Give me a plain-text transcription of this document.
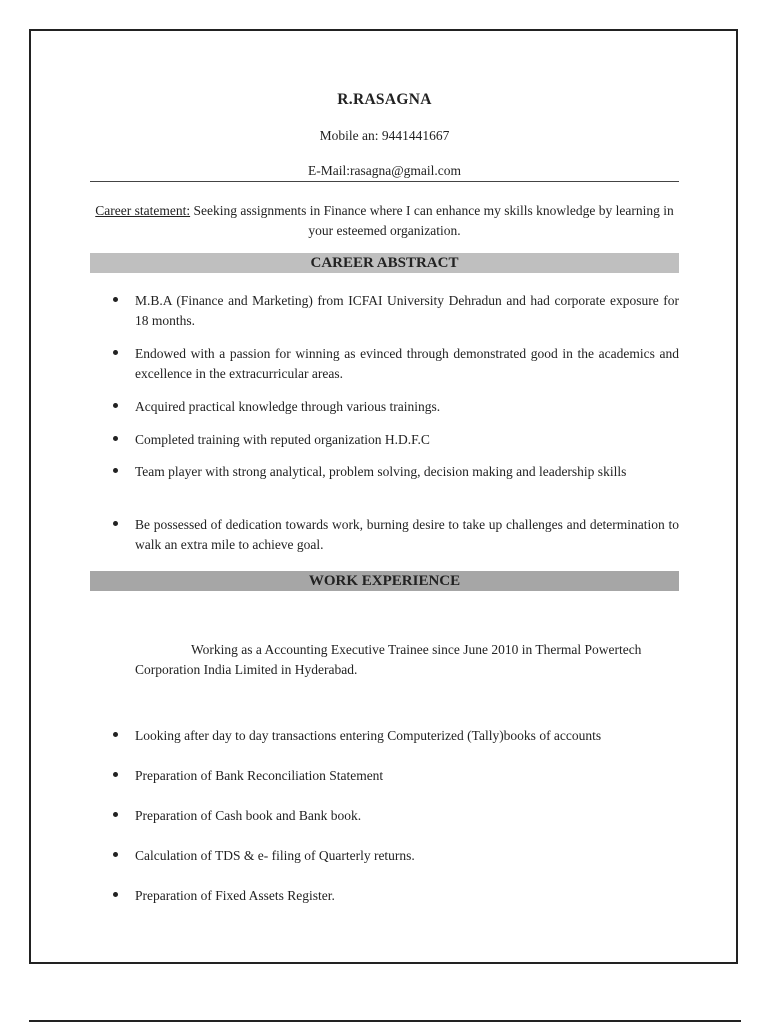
R.RASAGNA
Mobile an: 9441441667
E-Mail:rasagna@gmail.com
Career statement: Seeking assignments in Finance where I can enhance my skills knowledge by learning in your esteemed organization.
CAREER ABSTRACT
M.B.A (Finance and Marketing) from ICFAI University Dehradun and had corporate exposure for 18 months.
Endowed with a passion for winning as evinced through demonstrated good in the academics and excellence in the extracurricular areas.
Acquired practical knowledge through various trainings.
Completed training with reputed organization H.D.F.C
Team player with strong analytical, problem solving, decision making and leadership skills
Be possessed of dedication towards work, burning desire to take up challenges and determination to walk an extra mile to achieve goal.
WORK EXPERIENCE
Working as a Accounting Executive Trainee since June 2010 in Thermal Powertech Corporation India Limited in Hyderabad.
Looking after day to day transactions entering Computerized (Tally)books of accounts
Preparation of Bank Reconciliation Statement
Preparation of Cash book and Bank book.
Calculation of TDS & e- filing of Quarterly returns.
Preparation of Fixed Assets Register.
